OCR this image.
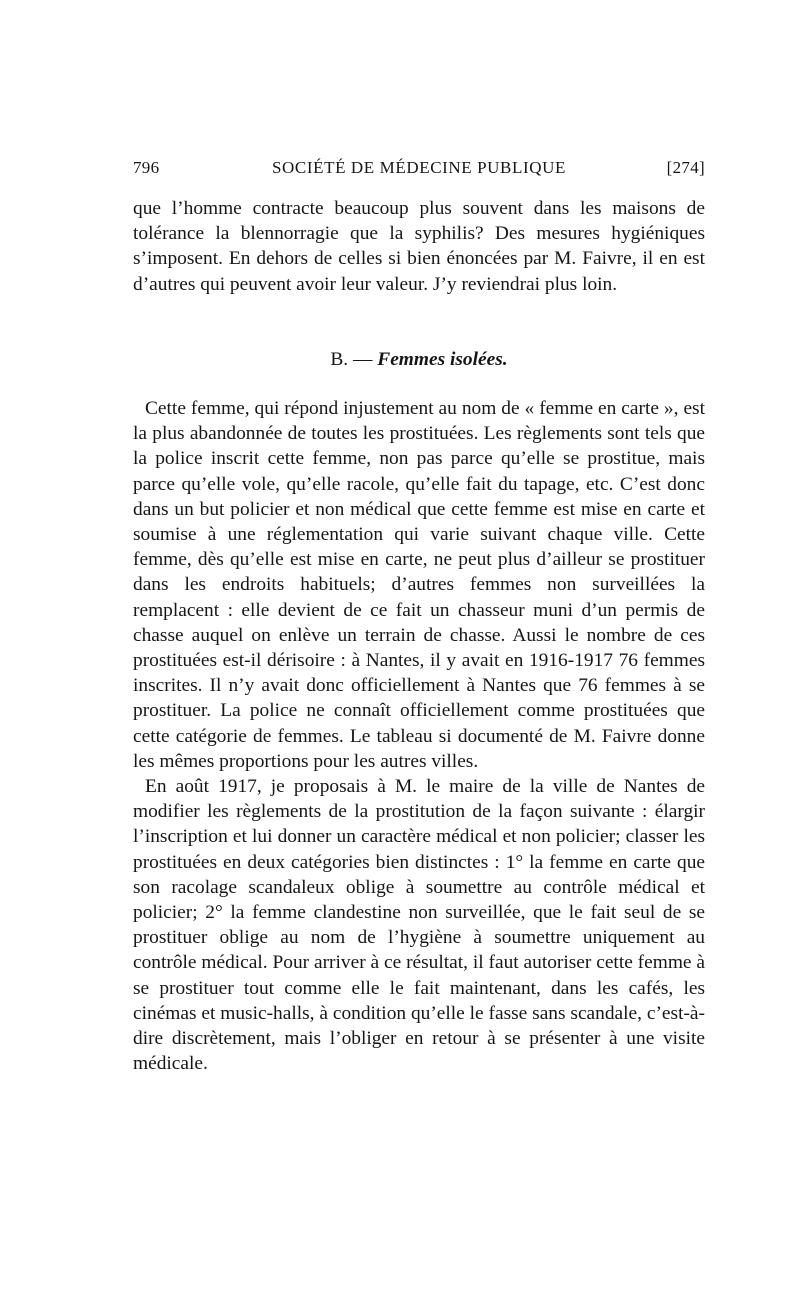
796	SOCIÉTÉ DE MÉDECINE PUBLIQUE	[274]

que l’homme contracte beaucoup plus souvent dans les maisons de tolérance la blennorragie que la syphilis? Des mesures hygiéniques s’imposent. En dehors de celles si bien énoncées par M. Faivre, il en est d’autres qui peuvent avoir leur valeur. J’y reviendrai plus loin.

B. — Femmes isolées.

Cette femme, qui répond injustement au nom de « femme en carte », est la plus abandonnée de toutes les prostituées. Les règlements sont tels que la police inscrit cette femme, non pas parce qu’elle se prostitue, mais parce qu’elle vole, qu’elle racole, qu’elle fait du tapage, etc. C’est donc dans un but policier et non médical que cette femme est mise en carte et soumise à une réglementation qui varie suivant chaque ville. Cette femme, dès qu’elle est mise en carte, ne peut plus d’ailleur se prostituer dans les endroits habituels; d’autres femmes non surveillées la remplacent : elle devient de ce fait un chasseur muni d’un permis de chasse auquel on enlève un terrain de chasse. Aussi le nombre de ces prostituées est-il dérisoire : à Nantes, il y avait en 1916-1917 76 femmes inscrites. Il n’y avait donc officiellement à Nantes que 76 femmes à se prostituer. La police ne connaît officiellement comme prostituées que cette catégorie de femmes. Le tableau si documenté de M. Faivre donne les mêmes proportions pour les autres villes.

En août 1917, je proposais à M. le maire de la ville de Nantes de modifier les règlements de la prostitution de la façon suivante : élargir l’inscription et lui donner un caractère médical et non policier; classer les prostituées en deux catégories bien distinctes : 1° la femme en carte que son racolage scandaleux oblige à soumettre au contrôle médical et policier; 2° la femme clandestine non surveillée, que le fait seul de se prostituer oblige au nom de l’hygiène à soumettre uniquement au contrôle médical. Pour arriver à ce résultat, il faut autoriser cette femme à se prostituer tout comme elle le fait maintenant, dans les cafés, les cinémas et music-halls, à condition qu’elle le fasse sans scandale, c’est-à-dire discrètement, mais l’obliger en retour à se présenter à une visite médicale.
